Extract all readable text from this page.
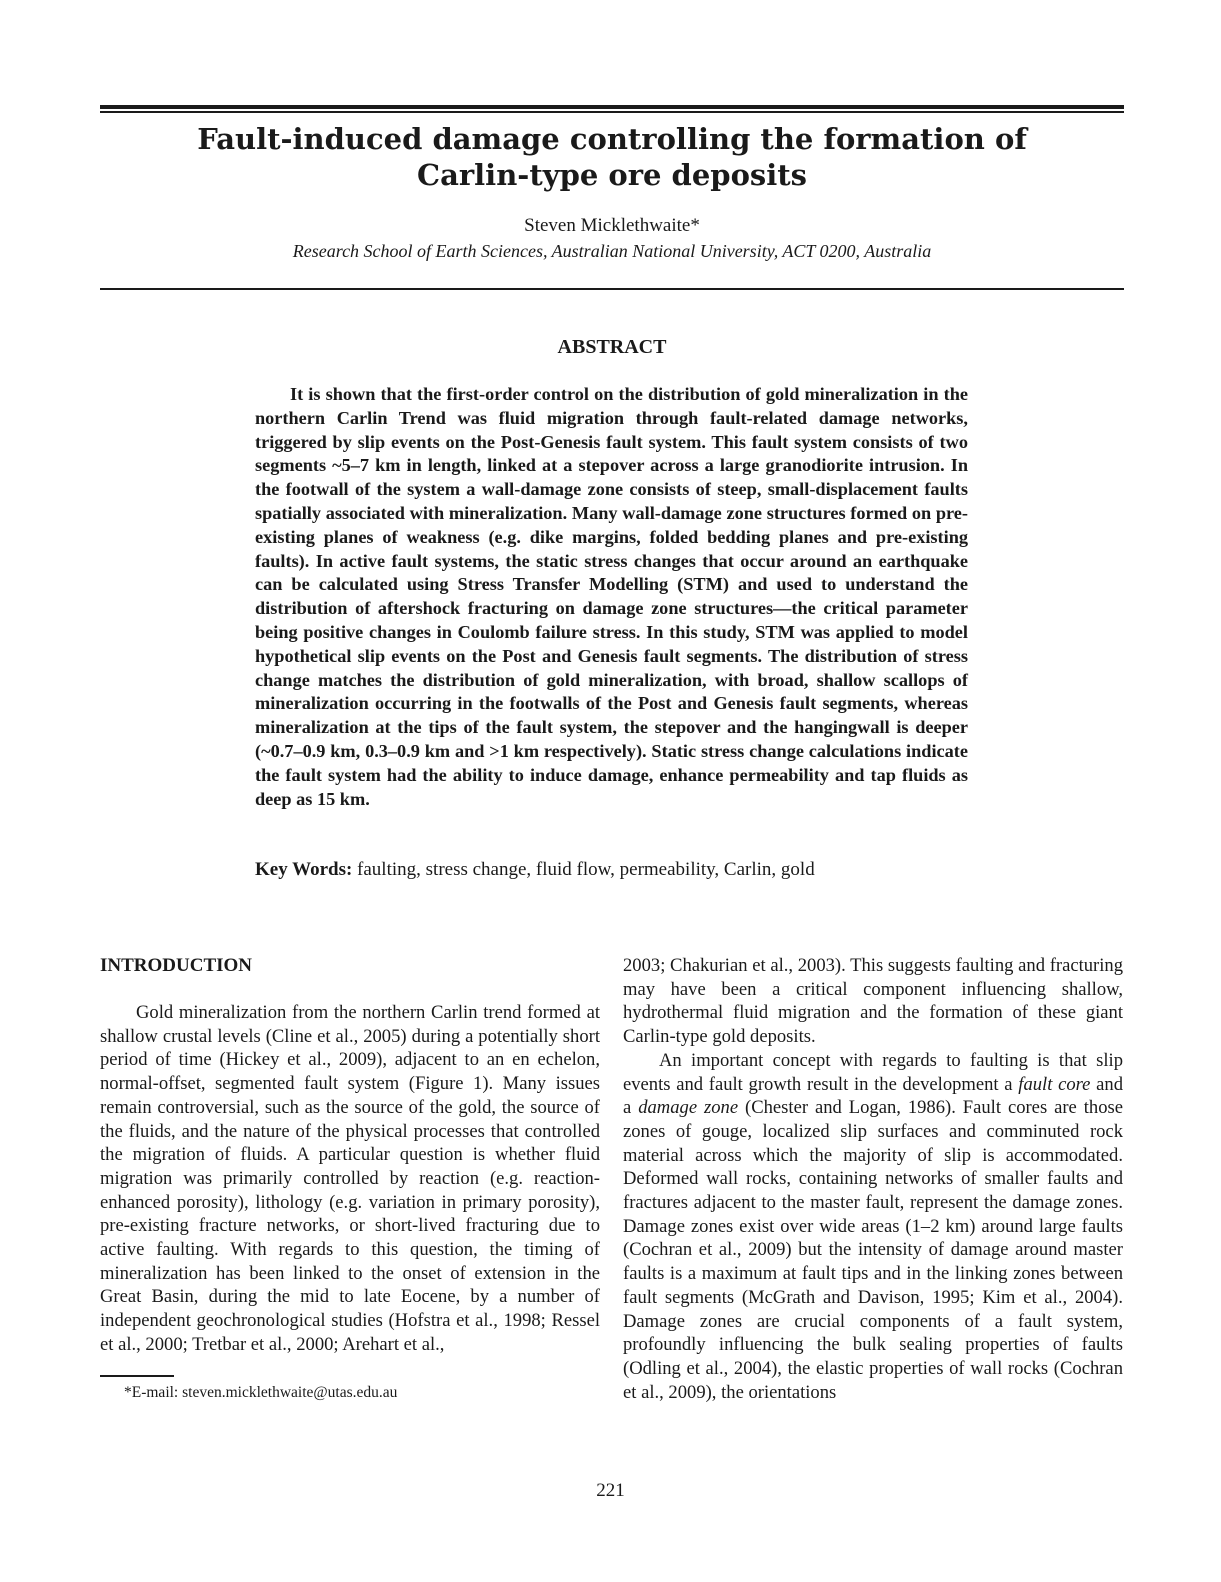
Fault-induced damage controlling the formation of
Carlin-type ore deposits
Steven Micklethwaite*
Research School of Earth Sciences, Australian National University, ACT 0200, Australia
ABSTRACT

It is shown that the first-order control on the distribution of gold mineralization in the northern Carlin Trend was fluid migration through fault-related damage networks, triggered by slip events on the Post-Genesis fault system. This fault system consists of two segments ~5–7 km in length, linked at a stepover across a large granodiorite intrusion. In the footwall of the system a wall-damage zone consists of steep, small-displacement faults spatially associated with mineralization. Many wall-damage zone structures formed on pre-existing planes of weakness (e.g. dike margins, folded bedding planes and pre-existing faults). In active fault systems, the static stress changes that occur around an earthquake can be calculated using Stress Transfer Modelling (STM) and used to understand the distribution of aftershock fracturing on damage zone structures—the critical parameter being positive changes in Coulomb failure stress. In this study, STM was applied to model hypothetical slip events on the Post and Genesis fault segments. The distribution of stress change matches the distribution of gold mineralization, with broad, shallow scallops of mineralization occurring in the footwalls of the Post and Genesis fault segments, whereas mineralization at the tips of the fault system, the stepover and the hangingwall is deeper (~0.7–0.9 km, 0.3–0.9 km and >1 km respectively). Static stress change calculations indicate the fault system had the ability to induce damage, enhance permeability and tap fluids as deep as 15 km.

Key Words: faulting, stress change, fluid flow, permeability, Carlin, gold

INTRODUCTION

Gold mineralization from the northern Carlin trend formed at shallow crustal levels (Cline et al., 2005) during a potentially short period of time (Hickey et al., 2009), adjacent to an en echelon, normal-offset, segmented fault system (Figure 1). Many issues remain controversial, such as the source of the gold, the source of the fluids, and the nature of the physical processes that controlled the migration of fluids. A particular question is whether fluid migration was primarily controlled by reaction (e.g. reaction-enhanced porosity), lithology (e.g. variation in primary porosity), pre-existing fracture networks, or short-lived fracturing due to active faulting. With regards to this question, the timing of mineralization has been linked to the onset of extension in the Great Basin, during the mid to late Eocene, by a number of independent geochronological studies (Hofstra et al., 1998; Ressel et al., 2000; Tretbar et al., 2000; Arehart et al.,

2003; Chakurian et al., 2003). This suggests faulting and fracturing may have been a critical component influencing shallow, hydrothermal fluid migration and the formation of these giant Carlin-type gold deposits.

An important concept with regards to faulting is that slip events and fault growth result in the development a fault core and a damage zone (Chester and Logan, 1986). Fault cores are those zones of gouge, localized slip surfaces and comminuted rock material across which the majority of slip is accommodated. Deformed wall rocks, containing networks of smaller faults and fractures adjacent to the master fault, represent the damage zones. Damage zones exist over wide areas (1–2 km) around large faults (Cochran et al., 2009) but the intensity of damage around master faults is a maximum at fault tips and in the linking zones between fault segments (McGrath and Davison, 1995; Kim et al., 2004). Damage zones are crucial components of a fault system, profoundly influencing the bulk sealing properties of faults (Odling et al., 2004), the elastic properties of wall rocks (Cochran et al., 2009), the orientations

*E-mail: steven.micklethwaite@utas.edu.au
221
